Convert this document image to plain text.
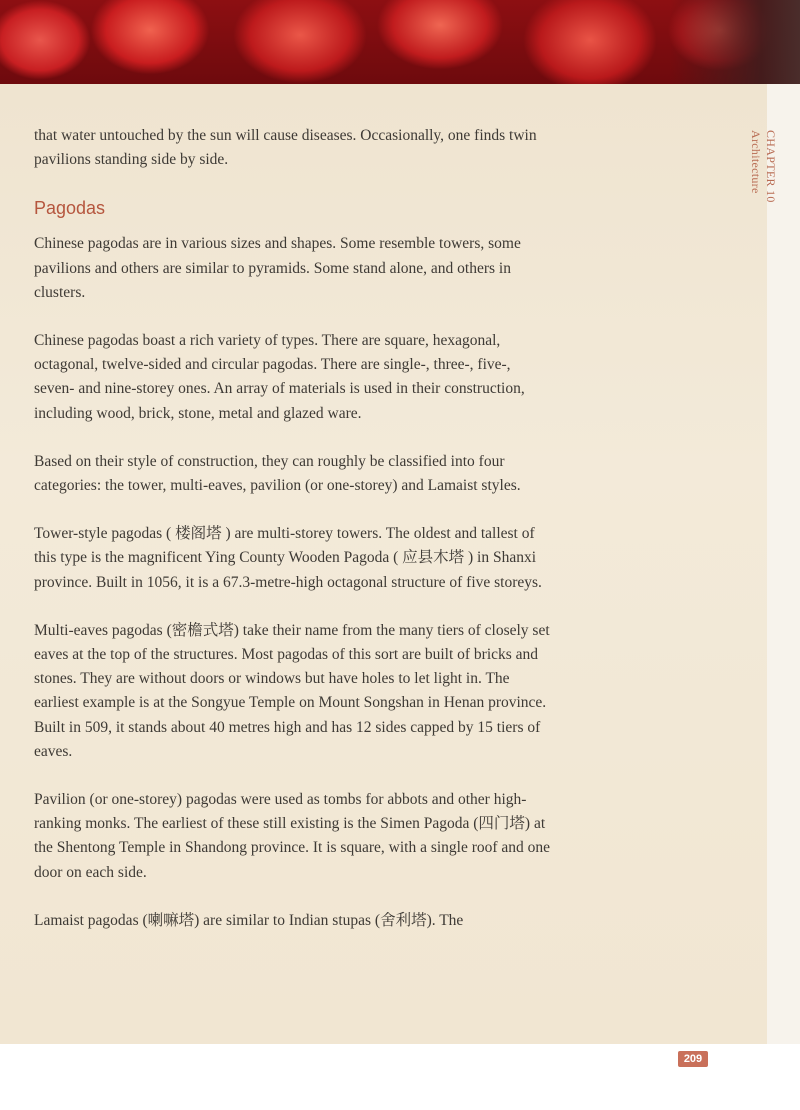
CHAPTER 10
Architecture

that water untouched by the sun will cause diseases. Occasionally, one finds twin pavilions standing side by side.

Pagodas

Chinese pagodas are in various sizes and shapes. Some resemble towers, some pavilions and others are similar to pyramids. Some stand alone, and others in clusters.

Chinese pagodas boast a rich variety of types. There are square, hexagonal, octagonal, twelve-sided and circular pagodas. There are single-, three-, five-, seven- and nine-storey ones. An array of materials is used in their construction, including wood, brick, stone, metal and glazed ware.

Based on their style of construction, they can roughly be classified into four categories: the tower, multi-eaves, pavilion (or one-storey) and Lamaist styles.

Tower-style pagodas ( 楼阁塔 ) are multi-storey towers. The oldest and tallest of this type is the magnificent Ying County Wooden Pagoda ( 应县木塔 ) in Shanxi province. Built in 1056, it is a 67.3-metre-high octagonal structure of five storeys.

Multi-eaves pagodas (密檐式塔) take their name from the many tiers of closely set eaves at the top of the structures. Most pagodas of this sort are built of bricks and stones. They are without doors or windows but have holes to let light in. The earliest example is at the Songyue Temple on Mount Songshan in Henan province. Built in 509, it stands about 40 metres high and has 12 sides capped by 15 tiers of eaves.

Pavilion (or one-storey) pagodas were used as tombs for abbots and other high-ranking monks. The earliest of these still existing is the Simen Pagoda (四门塔) at the Shentong Temple in Shandong province. It is square, with a single roof and one door on each side.

Lamaist pagodas (喇嘛塔) are similar to Indian stupas (舍利塔). The

209
